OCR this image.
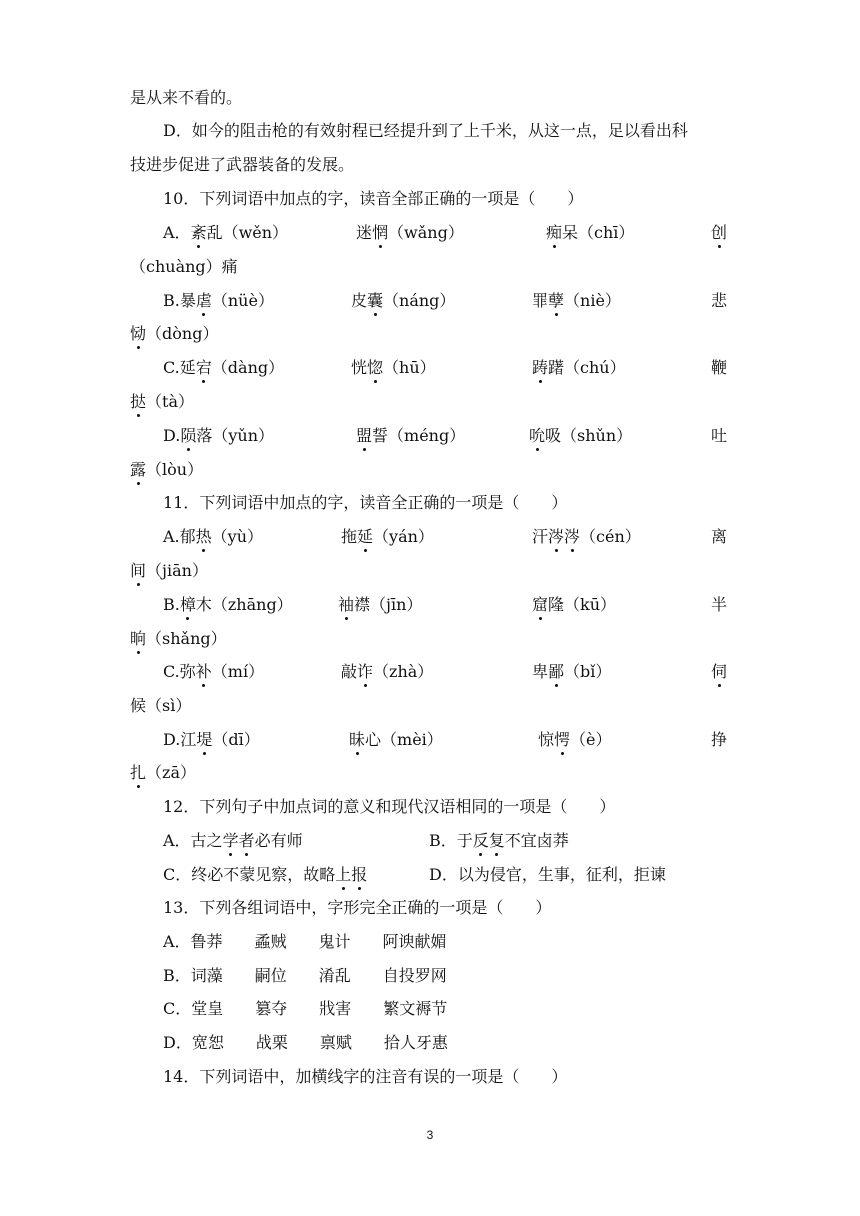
是从来不看的。
D．如今的阻击枪的有效射程已经提升到了上千米，从这一点，足以看出科
技进步促进了武器装备的发展。
10．下列词语中加点的字，读音全部正确的一项是（　　）
A．紊乱（wěn）	迷惘（wǎng）	痴呆（chī）	创
（chuàng）痛
B.暴虐（nüè）	皮囊（náng）	罪孽（niè）	悲
恸（dòng）
C.延宕（dàng）	恍惚（hū）	踌躇（chú）	鞭
挞（tà）
D.陨落（yǔn）	盟誓（méng）	吮吸（shǔn）	吐
露（lòu）
11．下列词语中加点的字，读音全正确的一项是（　　）
A.郁热（yù）	拖延（yán）	汗涔涔（cén）	离
间（jiān）
B.樟木（zhāng）	袖襟（jīn）	窟隆（kū）	半
晌（shǎng）
C.弥补（mí）	敲诈（zhà）	卑鄙（bǐ）	伺
候（sì）
D.江堤（dī）	昧心（mèi）	惊愕（è）	挣
扎（zā）
12．下列句子中加点词的意义和现代汉语相同的一项是（　　）
A．古之学者必有师	B．于反复不宜卤莽
C．终必不蒙见察，故略上报	D．以为侵官，生事，征利，拒谏
13．下列各组词语中，字形完全正确的一项是（　　）
A．鲁莽　　蟊贼　　鬼计　　阿谀献媚
B．词藻　　嗣位　　淆乱　　自投罗网
C．堂皇　　篡夺　　戕害　　繁文褥节
D．宽恕　　战栗　　禀赋　　拾人牙惠
14．下列词语中，加横线字的注音有误的一项是（　　）
3
